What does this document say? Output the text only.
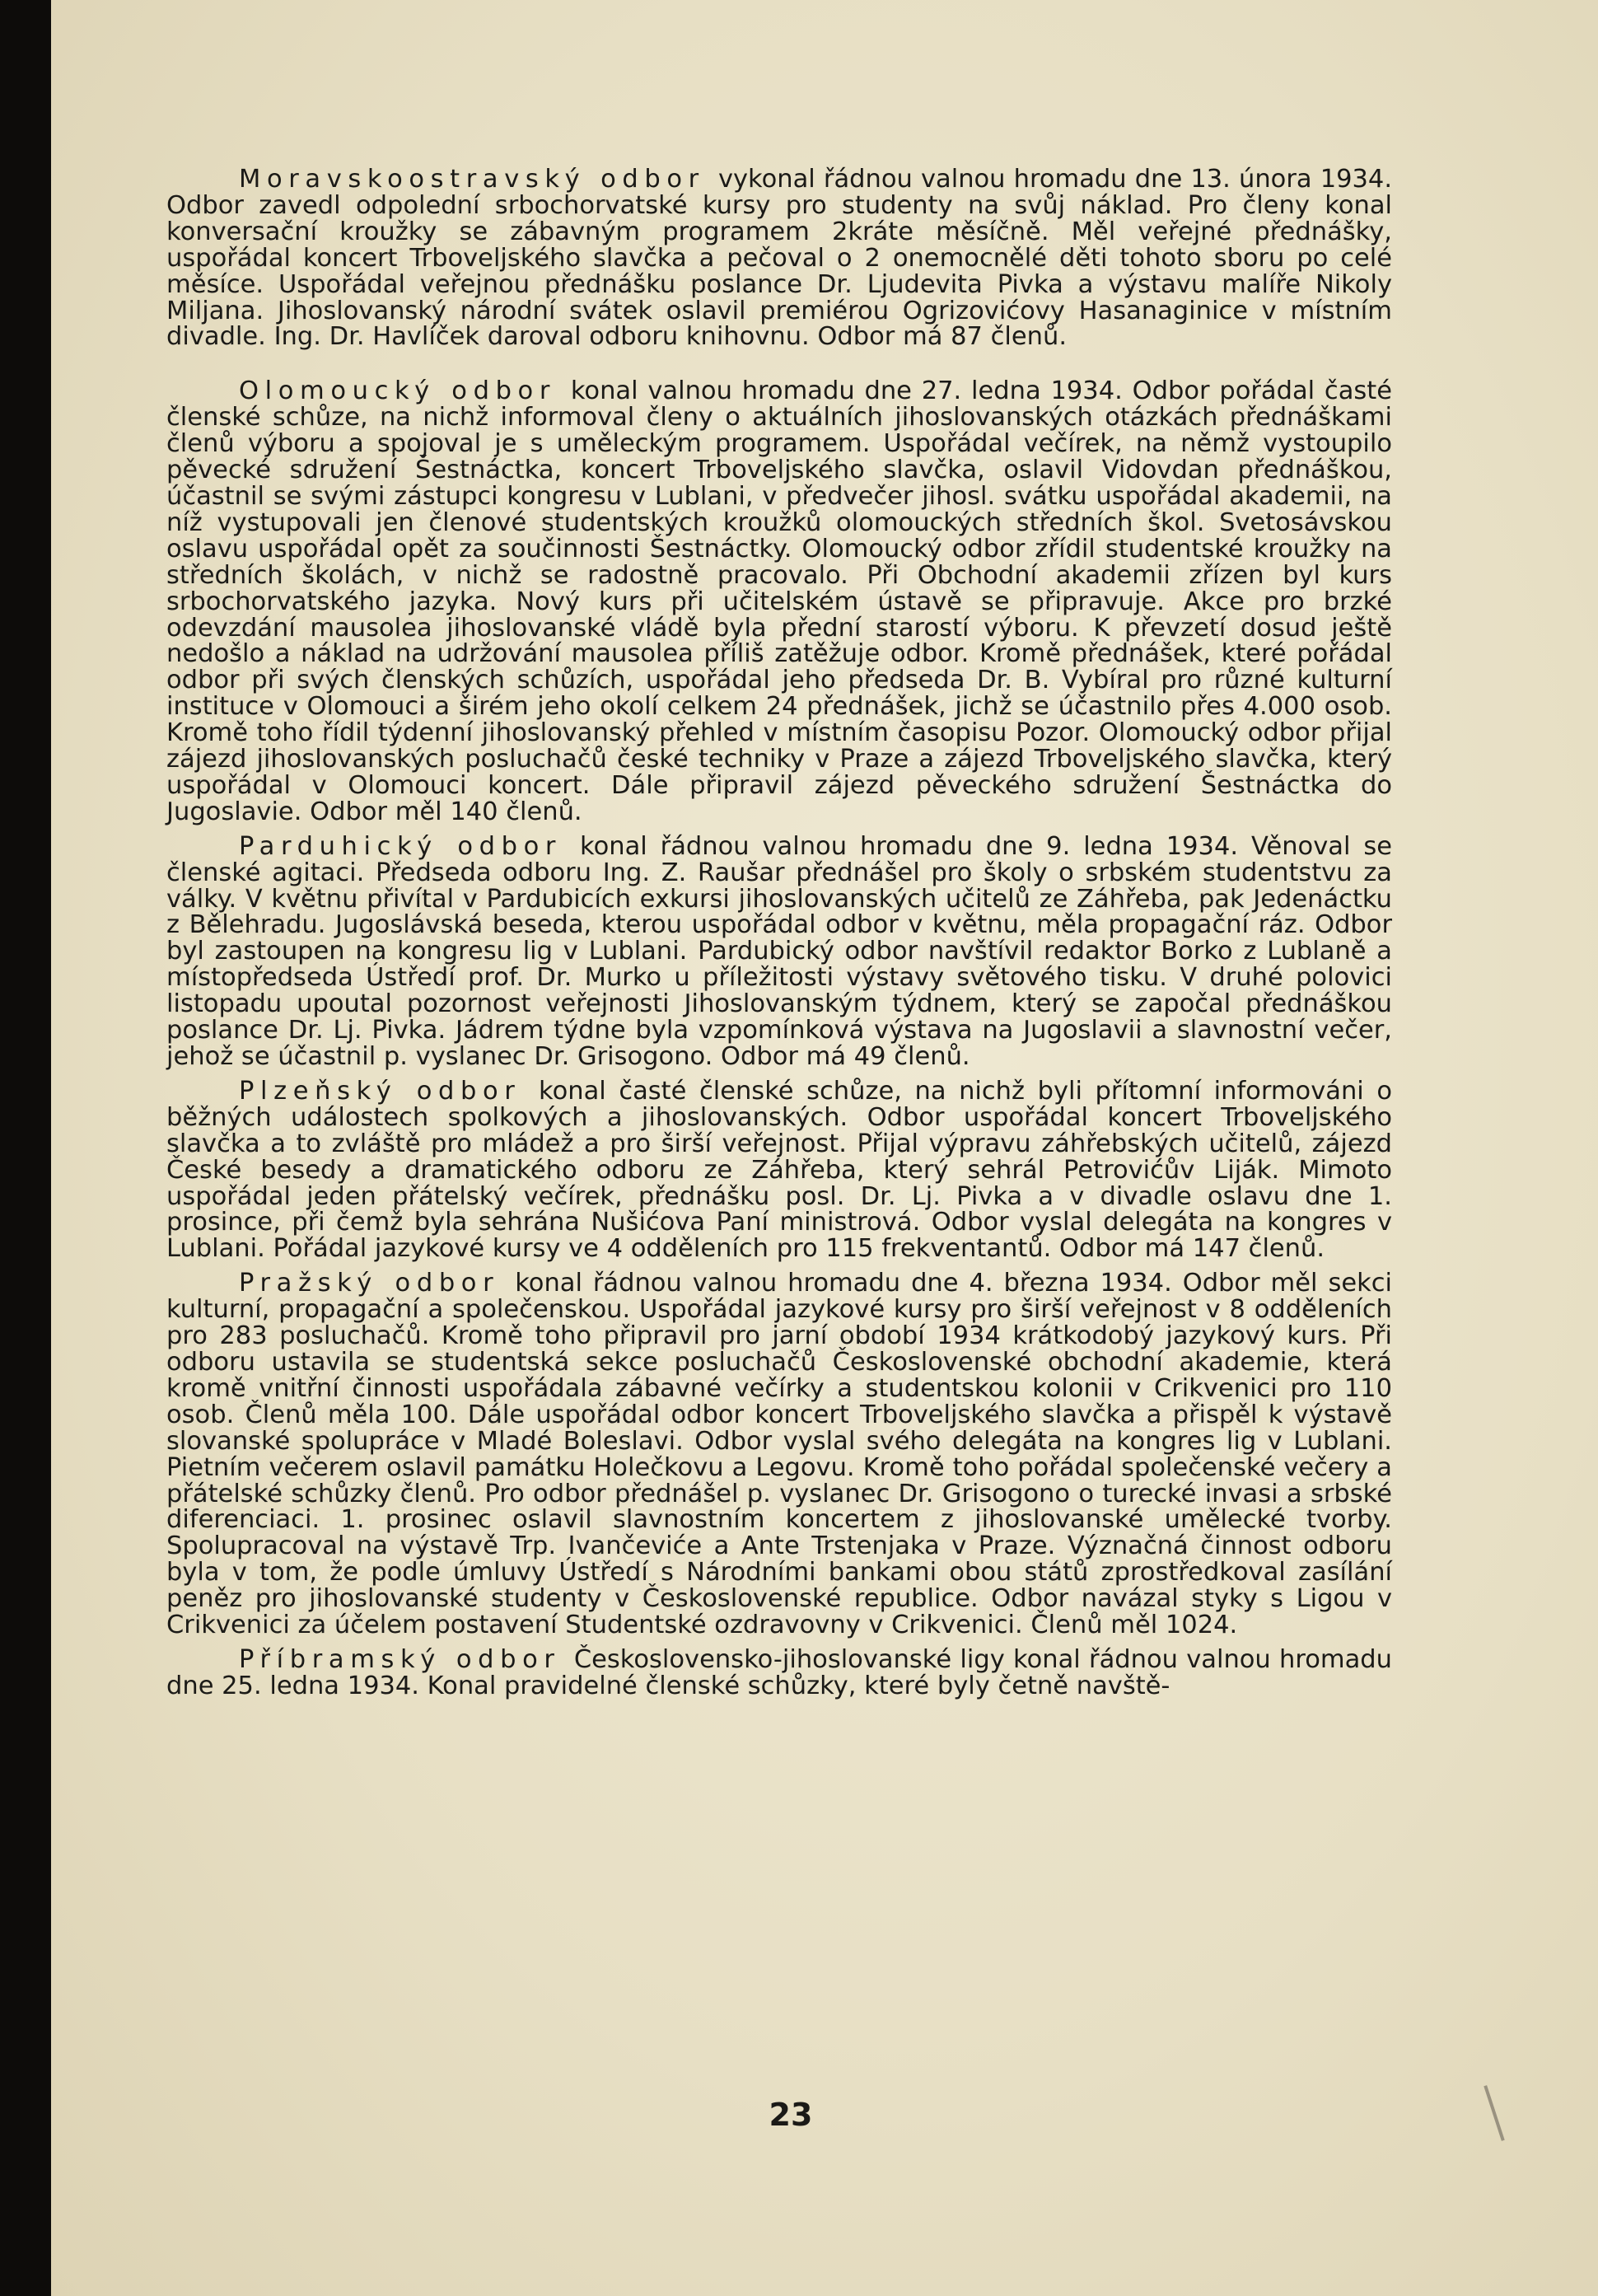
Moravskoostravský odbor vykonal řádnou valnou hromadu dne 13. února 1934. Odbor zavedl odpolední srbochorvatské kursy pro studenty na svůj náklad. Pro členy konal konversační kroužky se zábavným programem 2kráte měsíčně. Měl veřejné přednášky, uspořádal koncert Trboveljského slavčka a pečoval o 2 onemocnělé děti tohoto sboru po celé měsíce. Uspořádal veřejnou přednášku poslance Dr. Ljudevita Pivka a výstavu malíře Nikoly Miljana. Jihoslovanský národní svátek oslavil premiérou Ogrizovićovy Hasanaginice v místním divadle. Ing. Dr. Havlíček daroval odboru knihovnu. Odbor má 87 členů.

Olomoucký odbor konal valnou hromadu dne 27. ledna 1934. Odbor pořádal časté členské schůze, na nichž informoval členy o aktuálních jihoslovanských otázkách přednáškami členů výboru a spojoval je s uměleckým programem. Uspořádal večírek, na němž vystoupilo pěvecké sdružení Šestnáctka, koncert Trboveljského slavčka, oslavil Vidovdan přednáškou, účastnil se svými zástupci kongresu v Lublani, v předvečer jihosl. svátku uspořádal akademii, na níž vystupovali jen členové studentských kroužků olomouckých středních škol. Svetosávskou oslavu uspořádal opět za součinnosti Šestnáctky. Olomoucký odbor zřídil studentské kroužky na středních školách, v nichž se radostně pracovalo. Při Obchodní akademii zřízen byl kurs srbochorvatského jazyka. Nový kurs při učitelském ústavě se připravuje. Akce pro brzké odevzdání mausolea jihoslovanské vládě byla přední starostí výboru. K převzetí dosud ještě nedošlo a náklad na udržování mausolea příliš zatěžuje odbor. Kromě přednášek, které pořádal odbor při svých členských schůzích, uspořádal jeho předseda Dr. B. Vybíral pro různé kulturní instituce v Olomouci a širém jeho okolí celkem 24 přednášek, jichž se účastnilo přes 4.000 osob. Kromě toho řídil týdenní jihoslovanský přehled v místním časopisu Pozor. Olomoucký odbor přijal zájezd jihoslovanských posluchačů české techniky v Praze a zájezd Trboveljského slavčka, který uspořádal v Olomouci koncert. Dále připravil zájezd pěveckého sdružení Šestnáctka do Jugoslavie. Odbor měl 140 členů.

Parduhický odbor konal řádnou valnou hromadu dne 9. ledna 1934. Věnoval se členské agitaci. Předseda odboru Ing. Z. Raušar přednášel pro školy o srbském studentstvu za války. V květnu přivítal v Pardubicích exkursi jihoslovanských učitelů ze Záhřeba, pak Jedenáctku z Bělehradu. Jugoslávská beseda, kterou uspořádal odbor v květnu, měla propagační ráz. Odbor byl zastoupen na kongresu lig v Lublani. Pardubický odbor navštívil redaktor Borko z Lublaně a místopředseda Ústředí prof. Dr. Murko u příležitosti výstavy světového tisku. V druhé polovici listopadu upoutal pozornost veřejnosti Jihoslovanským týdnem, který se započal přednáškou poslance Dr. Lj. Pivka. Jádrem týdne byla vzpomínková výstava na Jugoslavii a slavnostní večer, jehož se účastnil p. vyslanec Dr. Grisogono. Odbor má 49 členů.

Plzeňský odbor konal časté členské schůze, na nichž byli přítomní informováni o běžných událostech spolkových a jihoslovanských. Odbor uspořádal koncert Trboveljského slavčka a to zvláště pro mládež a pro širší veřejnost. Přijal výpravu záhřebských učitelů, zájezd České besedy a dramatického odboru ze Záhřeba, který sehrál Petrovićův Liják. Mimoto uspořádal jeden přátelský večírek, přednášku posl. Dr. Lj. Pivka a v divadle oslavu dne 1. prosince, při čemž byla sehrána Nušićova Paní ministrová. Odbor vyslal delegáta na kongres v Lublani. Pořádal jazykové kursy ve 4 odděleních pro 115 frekventantů. Odbor má 147 členů.

Pražský odbor konal řádnou valnou hromadu dne 4. března 1934. Odbor měl sekci kulturní, propagační a společenskou. Uspořádal jazykové kursy pro širší veřejnost v 8 odděleních pro 283 posluchačů. Kromě toho připravil pro jarní období 1934 krátkodobý jazykový kurs. Při odboru ustavila se studentská sekce posluchačů Československé obchodní akademie, která kromě vnitřní činnosti uspořádala zábavné večírky a studentskou kolonii v Crikvenici pro 110 osob. Členů měla 100. Dále uspořádal odbor koncert Trboveljského slavčka a přispěl k výstavě slovanské spolupráce v Mladé Boleslavi. Odbor vyslal svého delegáta na kongres lig v Lublani. Pietním večerem oslavil památku Holečkovu a Legovu. Kromě toho pořádal společenské večery a přátelské schůzky členů. Pro odbor přednášel p. vyslanec Dr. Grisogono o turecké invasi a srbské diferenciaci. 1. prosinec oslavil slavnostním koncertem z jihoslovanské umělecké tvorby. Spolupracoval na výstavě Trp. Ivančeviće a Ante Trstenjaka v Praze. Význačná činnost odboru byla v tom, že podle úmluvy Ústředí s Národními bankami obou států zprostředkoval zasílání peněz pro jihoslovanské studenty v Československé republice. Odbor navázal styky s Ligou v Crikvenici za účelem postavení Studentské ozdravovny v Crikvenici. Členů měl 1024.

Příbramský odbor Československo-jihoslovanské ligy konal řádnou valnou hromadu dne 25. ledna 1934. Konal pravidelné členské schůzky, které byly četně navště-

23
